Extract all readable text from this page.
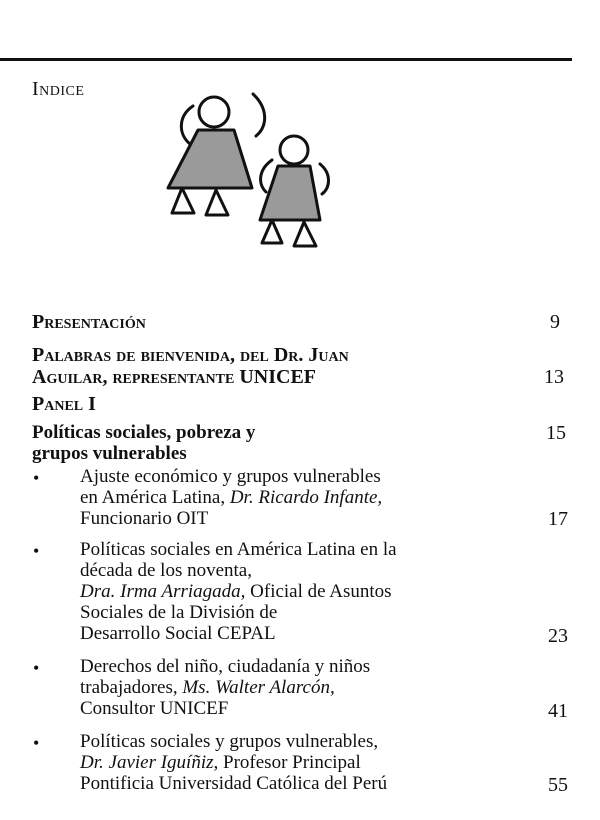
Indice
Presentación	9
Palabras de bienvenida, del Dr. Juan
Aguilar, representante UNICEF	13
Panel I
Políticas sociales, pobreza y
grupos vulnerables
15
• Ajuste económico y grupos vulnerables
en América Latina, Dr. Ricardo Infante,
Funcionario OIT	17
• Políticas sociales en América Latina en la
década de los noventa,
Dra. Irma Arriagada, Oficial de Asuntos
Sociales de la División de
Desarrollo Social CEPAL	23
• Derechos del niño, ciudadanía y niños
trabajadores, Ms. Walter Alarcón,
Consultor UNICEF	41
• Políticas sociales y grupos vulnerables,
Dr. Javier Iguíñiz, Profesor Principal
Pontificia Universidad Católica del Perú	55
